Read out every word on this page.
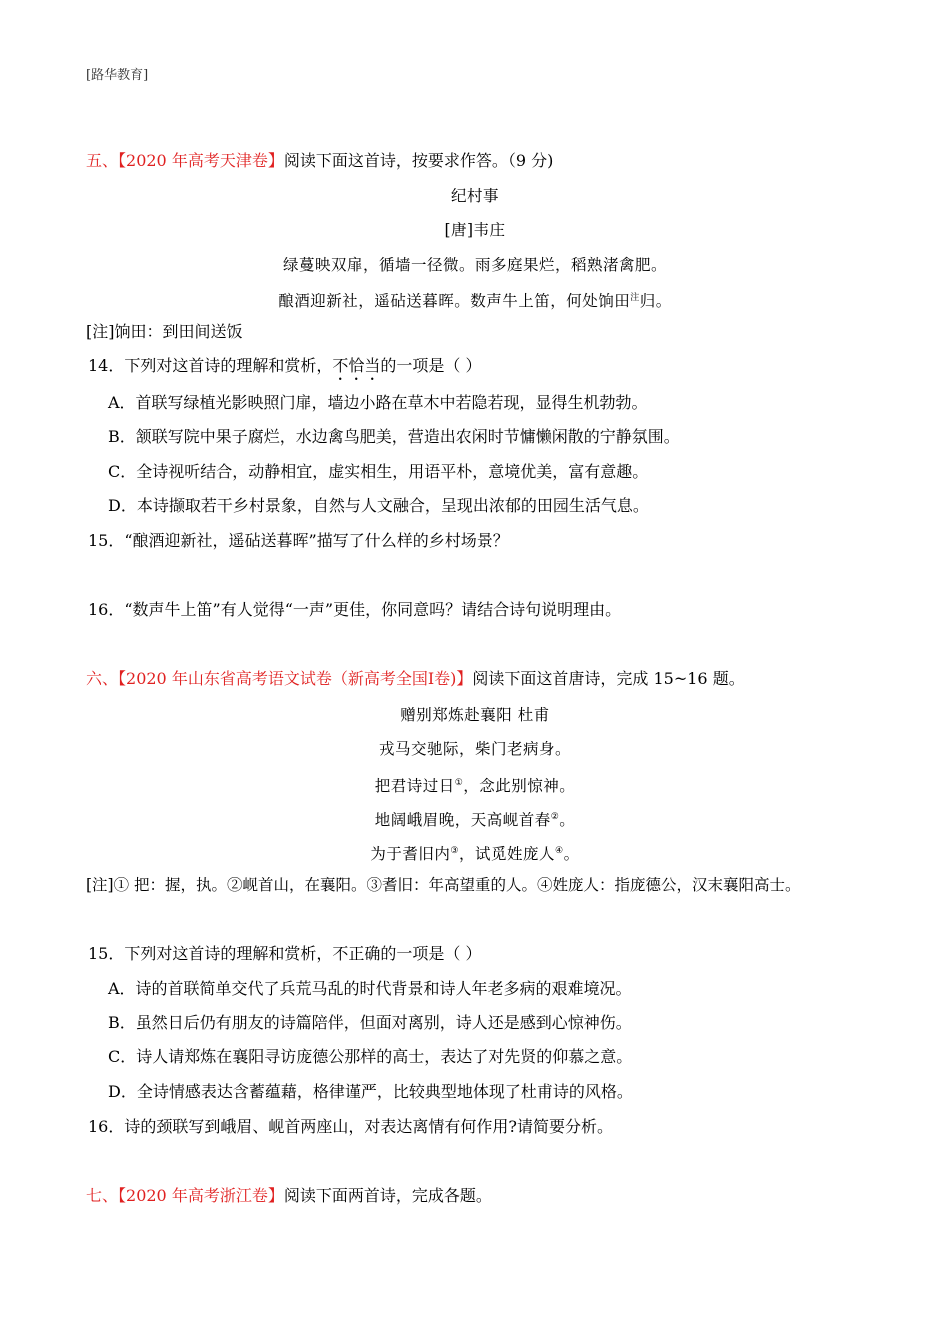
[路华教育]
五、【2020 年高考天津卷】阅读下面这首诗，按要求作答。（9 分)
纪村事
[唐]韦庄
绿蔓映双扉，循墙一径微。雨多庭果烂，稻熟渚禽肥。
酿酒迎新社，遥砧送暮晖。数声牛上笛，何处饷田$^注$归。
[注]饷田：到田间送饭
14．下列对这首诗的理解和赏析，不恰当的一项是（ ）
A．首联写绿植光影映照门扉，墙边小路在草木中若隐若现，显得生机勃勃。
B．颔联写院中果子腐烂，水边禽鸟肥美，营造出农闲时节慵懒闲散的宁静氛围。
C．全诗视听结合，动静相宜，虚实相生，用语平朴，意境优美，富有意趣。
D．本诗撷取若干乡村景象，自然与人文融合，呈现出浓郁的田园生活气息。
15．“酿酒迎新社，遥砧送暮晖”描写了什么样的乡村场景？
16．“数声牛上笛”有人觉得“一声”更佳，你同意吗？请结合诗句说明理由。
六、【2020 年山东省高考语文试卷（新高考全国Ⅰ卷)】阅读下面这首唐诗，完成 15~16 题。
赠别郑炼赴襄阳 杜甫
戎马交驰际，柴门老病身。
把君诗过日①，念此别惊神。
地阔峨眉晚，天高岘首春②。
为于耆旧内③，试觅姓庞人④。
[注]① 把：握，执。②岘首山，在襄阳。③耆旧：年高望重的人。④姓庞人：指庞德公，汉末襄阳高士。
15．下列对这首诗的理解和赏析，不正确的一项是（ ）
A．诗的首联简单交代了兵荒马乱的时代背景和诗人年老多病的艰难境况。
B．虽然日后仍有朋友的诗篇陪伴，但面对离别，诗人还是感到心惊神伤。
C．诗人请郑炼在襄阳寻访庞德公那样的高士，表达了对先贤的仰慕之意。
D．全诗情感表达含蓄蕴藉，格律谨严，比较典型地体现了杜甫诗的风格。
16．诗的颈联写到峨眉、岘首两座山，对表达离情有何作用?请简要分析。
七、【2020 年高考浙江卷】阅读下面两首诗，完成各题。
